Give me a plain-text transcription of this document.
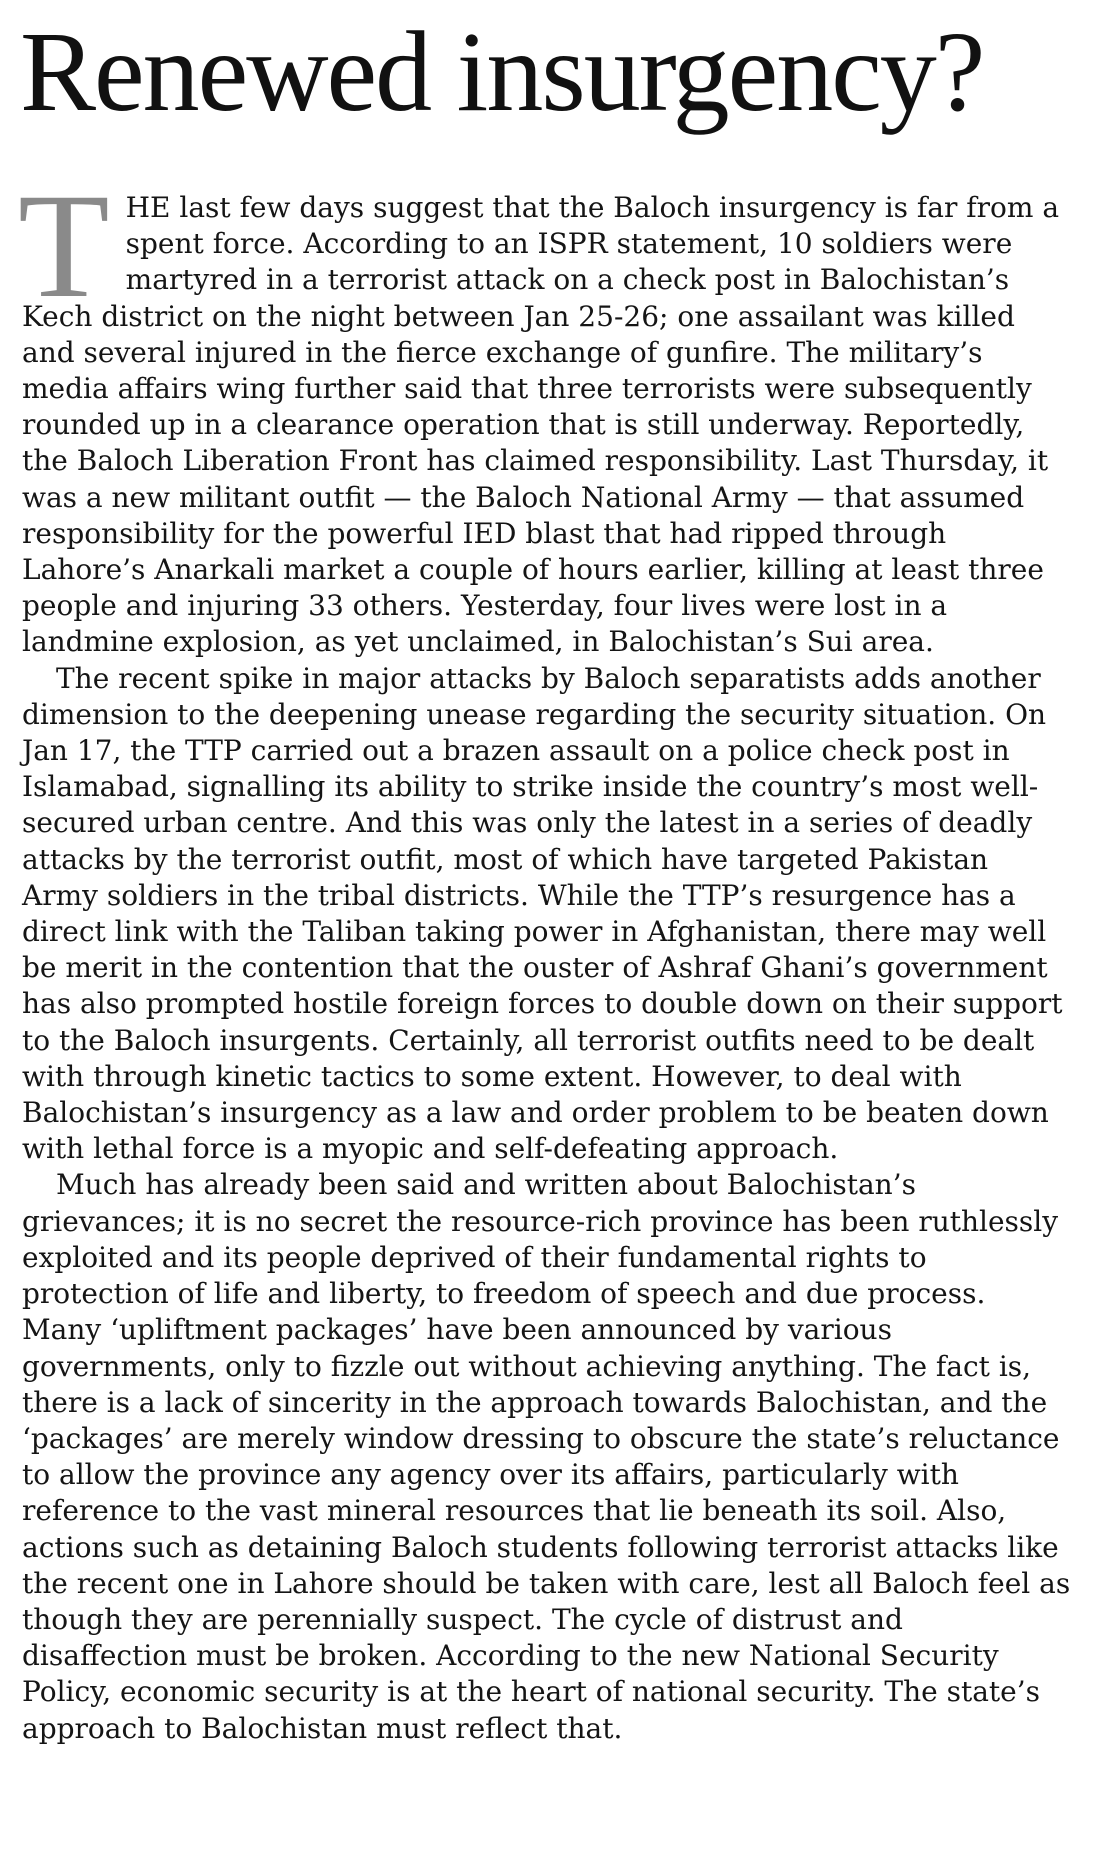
Renewed insurgency?

THE last few days suggest that the Baloch insurgency is far from a spent force. According to an ISPR statement, 10 soldiers were martyred in a terrorist attack on a check post in Balochistan’s Kech district on the night between Jan 25-26; one assailant was killed and several injured in the fierce exchange of gunfire. The military’s media affairs wing further said that three terrorists were subsequently rounded up in a clearance operation that is still underway. Reportedly, the Baloch Liberation Front has claimed responsibility. Last Thursday, it was a new militant outfit — the Baloch National Army — that assumed responsibility for the powerful IED blast that had ripped through Lahore’s Anarkali market a couple of hours earlier, killing at least three people and injuring 33 others. Yesterday, four lives were lost in a landmine explosion, as yet unclaimed, in Balochistan’s Sui area.

The recent spike in major attacks by Baloch separatists adds another dimension to the deepening unease regarding the security situation. On Jan 17, the TTP carried out a brazen assault on a police check post in Islamabad, signalling its ability to strike inside the country’s most well-secured urban centre. And this was only the latest in a series of deadly attacks by the terrorist outfit, most of which have targeted Pakistan Army soldiers in the tribal districts. While the TTP’s resurgence has a direct link with the Taliban taking power in Afghanistan, there may well be merit in the contention that the ouster of Ashraf Ghani’s government has also prompted hostile foreign forces to double down on their support to the Baloch insurgents. Certainly, all terrorist outfits need to be dealt with through kinetic tactics to some extent. However, to deal with Balochistan’s insurgency as a law and order problem to be beaten down with lethal force is a myopic and self-defeating approach.

Much has already been said and written about Balochistan’s grievances; it is no secret the resource-rich province has been ruthlessly exploited and its people deprived of their fundamental rights to protection of life and liberty, to freedom of speech and due process. Many ‘upliftment packages’ have been announced by various governments, only to fizzle out without achieving anything. The fact is, there is a lack of sincerity in the approach towards Balochistan, and the ‘packages’ are merely window dressing to obscure the state’s reluctance to allow the province any agency over its affairs, particularly with reference to the vast mineral resources that lie beneath its soil. Also, actions such as detaining Baloch students following terrorist attacks like the recent one in Lahore should be taken with care, lest all Baloch feel as though they are perennially suspect. The cycle of distrust and disaffection must be broken. According to the new National Security Policy, economic security is at the heart of national security. The state’s approach to Balochistan must reflect that.
